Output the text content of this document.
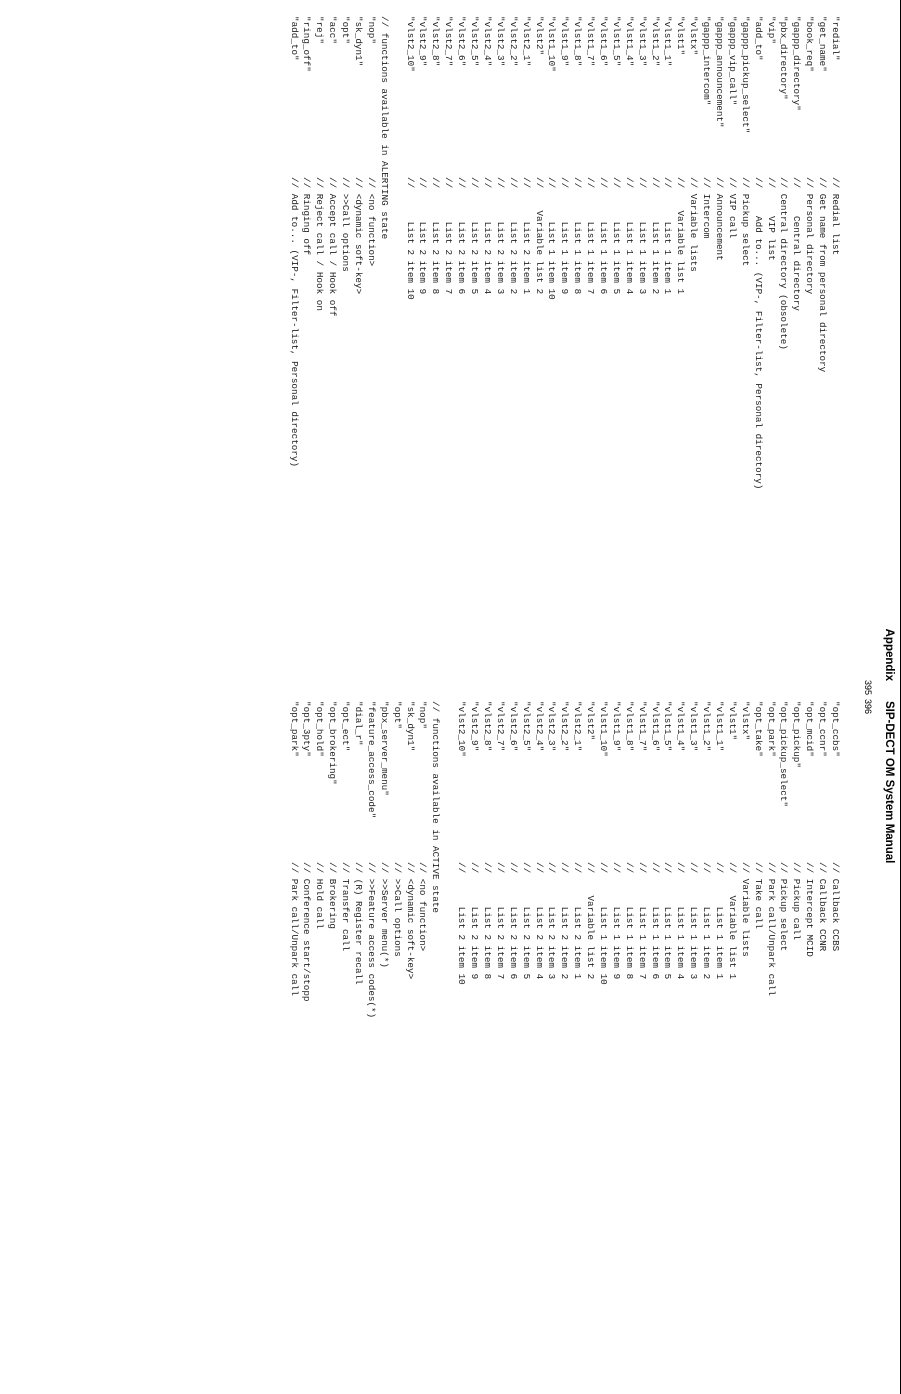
Appendix
395
"redial"
// Redial list
"get_name"
// Get name from personal directory
"book_req"
// Personal directory
"gappp_directory"
//     Central directory
"pbx_directory"
// Central directory (obsolete)
"vip"
//     VIP list
"add_to"
//     Add to... (VIP-, Filter-list, Personal directory)
"gappp_pickup_select"
// Pickup select
"gappp_vip_call"
// VIP call
"gappp_announcement"
// Announcement
"gappp_intercom"
// Intercom
"vlstx"
// Variable lists
"vlst1"
//    Variable list 1
"vlst1_1"
//      List 1 item 1
"vlst1_2"
//      List 1 item 2
"vlst1_3"
//      List 1 item 3
"vlst1_4"
//      List 1 item 4
"vlst1_5"
//      List 1 item 5
"vlst1_6"
//      List 1 item 6
"vlst1_7"
//      List 1 item 7
"vlst1_8"
//      List 1 item 8
"vlst1_9"
//      List 1 item 9
"vlst1_10"
//      List 1 item 10
"vlst2"
//    Variable list 2
"vlst2_1"
//      List 2 item 1
"vlst2_2"
//      List 2 item 2
"vlst2_3"
//      List 2 item 3
"vlst2_4"
//      List 2 item 4
"vlst2_5"
//      List 2 item 5
"vlst2_6"
//      List 2 item 6
"vlst2_7"
//      List 2 item 7
"vlst2_8"
//      List 2 item 8
"vlst2_9"
//      List 2 item 9
"vlst2_10"
//      List 2 item 10
// functions available in ALERTING state
"nop"
// <no function>
"sk_dyn1"
// <dynamic soft-key>
"opt"
// >>Call options
"acc"
// Accept call / Hook off
"rej"
// Reject call / Hook on
"ring_off"
// Ringing off
"add_to"
// Add to... (VIP-, Filter-list, Personal directory)
SIP-DECT OM System Manual
396
"opt_ccbs"
// Callback CCBS
"opt_ccnr"
// Callback CCNR
"opt_mcid"
// Intercept MCID
"opt_pickup"
// Pickup call
"opt_pickup_select"
// Pickup select
"opt_park"
// Park call/Unpark call
"opt_take"
// Take call
"vlstx"
// Variable lists
"vlst1"
//    Variable list 1
"vlst1_1"
//      List 1 item 1
"vlst1_2"
//      List 1 item 2
"vlst1_3"
//      List 1 item 3
"vlst1_4"
//      List 1 item 4
"vlst1_5"
//      List 1 item 5
"vlst1_6"
//      List 1 item 6
"vlst1_7"
//      List 1 item 7
"vlst1_8"
//      List 1 item 8
"vlst1_9"
//      List 1 item 9
"vlst1_10"
//      List 1 item 10
"vlst2"
//    Variable list 2
"vlst2_1"
//      List 2 item 1
"vlst2_2"
//      List 2 item 2
"vlst2_3"
//      List 2 item 3
"vlst2_4"
//      List 2 item 4
"vlst2_5"
//      List 2 item 5
"vlst2_6"
//      List 2 item 6
"vlst2_7"
//      List 2 item 7
"vlst2_8"
//      List 2 item 8
"vlst2_9"
//      List 2 item 9
"vlst2_10"
//      List 2 item 10
// functions available in ACTIVE state
"nop"
// <no function>
"sk_dyn1"
// <dynamic soft-key>
"opt"
// >>Call options
"pbx_server_menu"
// >>Server menu(*)
"feature_access_code"
// >>Feature access codes(*)
"dial_r"
// (R) Register recall
"opt_ect"
// Transfer call
"opt_brokering"
// Brokering
"opt_hold"
// Hold call
"opt_3pty"
// Conference start/stopp
"opt_park"
// Park call/Unpark call
